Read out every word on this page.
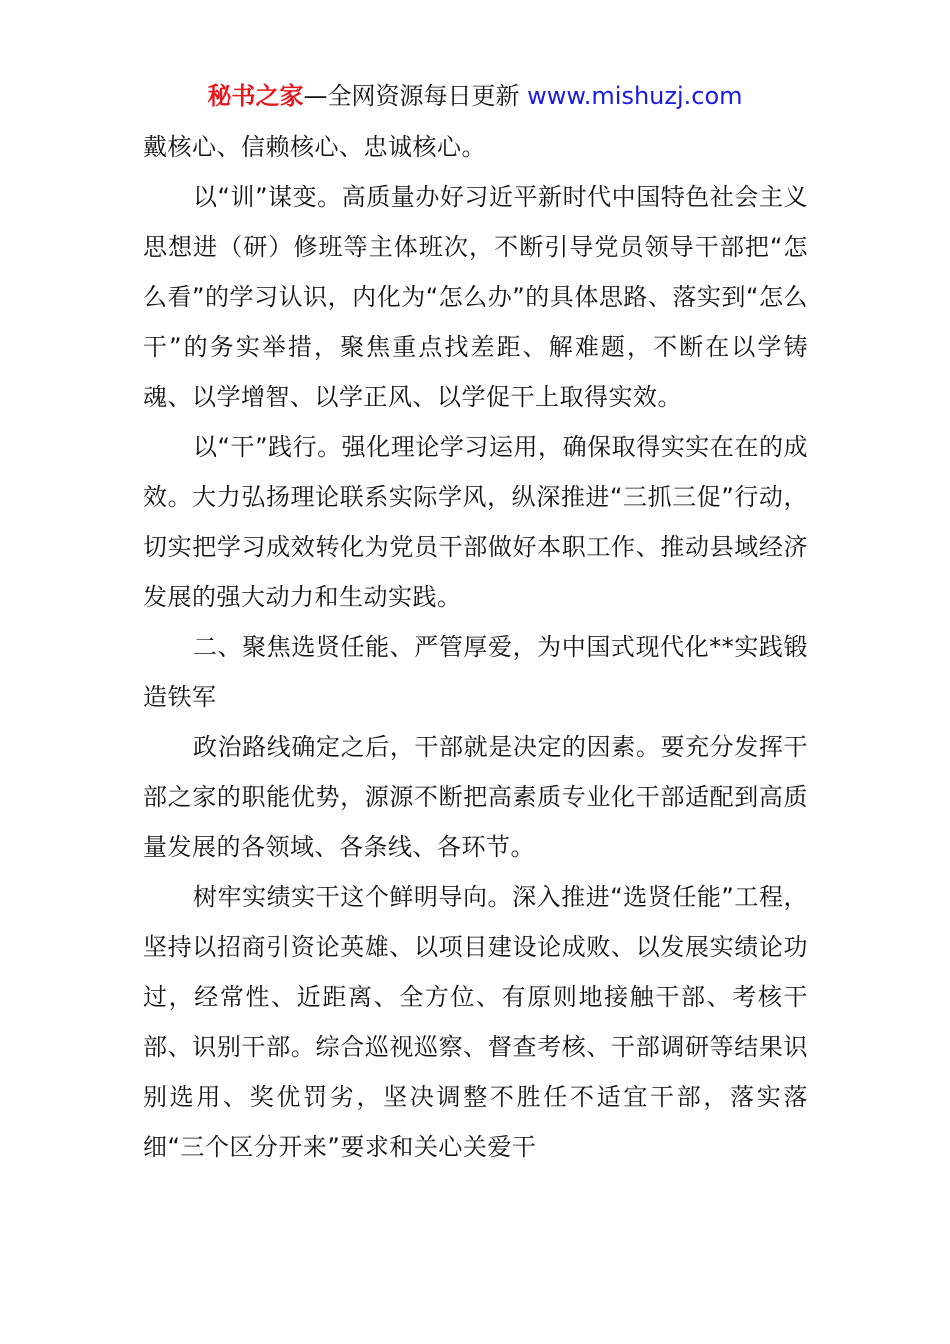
秘书之家—全网资源每日更新 www.mishuzj.com

戴核心、信赖核心、忠诚核心。

以“训”谋变。高质量办好习近平新时代中国特色社会主义思想进（研）修班等主体班次，不断引导党员领导干部把“怎么看”的学习认识，内化为“怎么办”的具体思路、落实到“怎么干”的务实举措，聚焦重点找差距、解难题，不断在以学铸魂、以学增智、以学正风、以学促干上取得实效。

以“干”践行。强化理论学习运用，确保取得实实在在的成效。大力弘扬理论联系实际学风，纵深推进“三抓三促”行动，切实把学习成效转化为党员干部做好本职工作、推动县域经济发展的强大动力和生动实践。

二、聚焦选贤任能、严管厚爱，为中国式现代化**实践锻造铁军

政治路线确定之后，干部就是决定的因素。要充分发挥干部之家的职能优势，源源不断把高素质专业化干部适配到高质量发展的各领域、各条线、各环节。

树牢实绩实干这个鲜明导向。深入推进“选贤任能”工程，坚持以招商引资论英雄、以项目建设论成败、以发展实绩论功过，经常性、近距离、全方位、有原则地接触干部、考核干部、识别干部。综合巡视巡察、督查考核、干部调研等结果识别选用、奖优罚劣，坚决调整不胜任不适宜干部，落实落细“三个区分开来”要求和关心关爱干
